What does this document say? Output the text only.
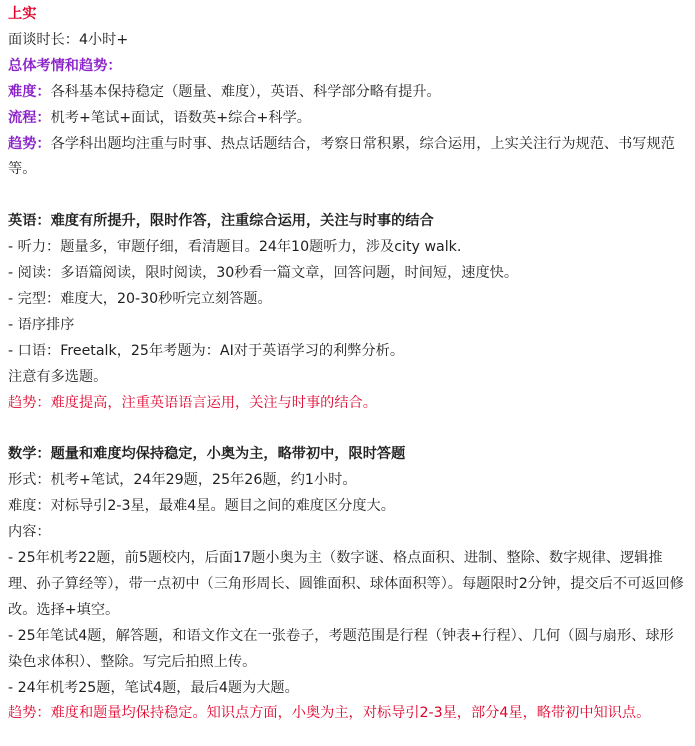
上实
面谈时长：4小时+
总体考情和趋势：
难度：各科基本保持稳定（题量、难度），英语、科学部分略有提升。
流程：机考+笔试+面试，语数英+综合+科学。
趋势：各学科出题均注重与时事、热点话题结合，考察日常积累，综合运用，上实关注行为规范、书写规范等。
英语：难度有所提升，限时作答，注重综合运用，关注与时事的结合
- 听力：题量多，审题仔细，看清题目。24年10题听力，涉及city walk.
- 阅读：多语篇阅读，限时阅读，30秒看一篇文章，回答问题，时间短，速度快。
- 完型：难度大，20-30秒听完立刻答题。
- 语序排序
- 口语：Freetalk，25年考题为：AI对于英语学习的利弊分析。
注意有多选题。
趋势：难度提高，注重英语语言运用，关注与时事的结合。
数学：题量和难度均保持稳定，小奥为主，略带初中，限时答题
形式：机考+笔试，24年29题，25年26题，约1小时。
难度：对标导引2-3星，最难4星。题目之间的难度区分度大。
内容：
- 25年机考22题，前5题校内，后面17题小奥为主（数字谜、格点面积、进制、整除、数字规律、逻辑推理、孙子算经等），带一点初中（三角形周长、圆锥面积、球体面积等）。每题限时2分钟，提交后不可返回修改。选择+填空。
- 25年笔试4题，解答题，和语文作文在一张卷子，考题范围是行程（钟表+行程）、几何（圆与扇形、球形染色求体积）、整除。写完后拍照上传。
- 24年机考25题，笔试4题，最后4题为大题。
趋势：难度和题量均保持稳定。知识点方面，小奥为主，对标导引2-3星，部分4星，略带初中知识点。
